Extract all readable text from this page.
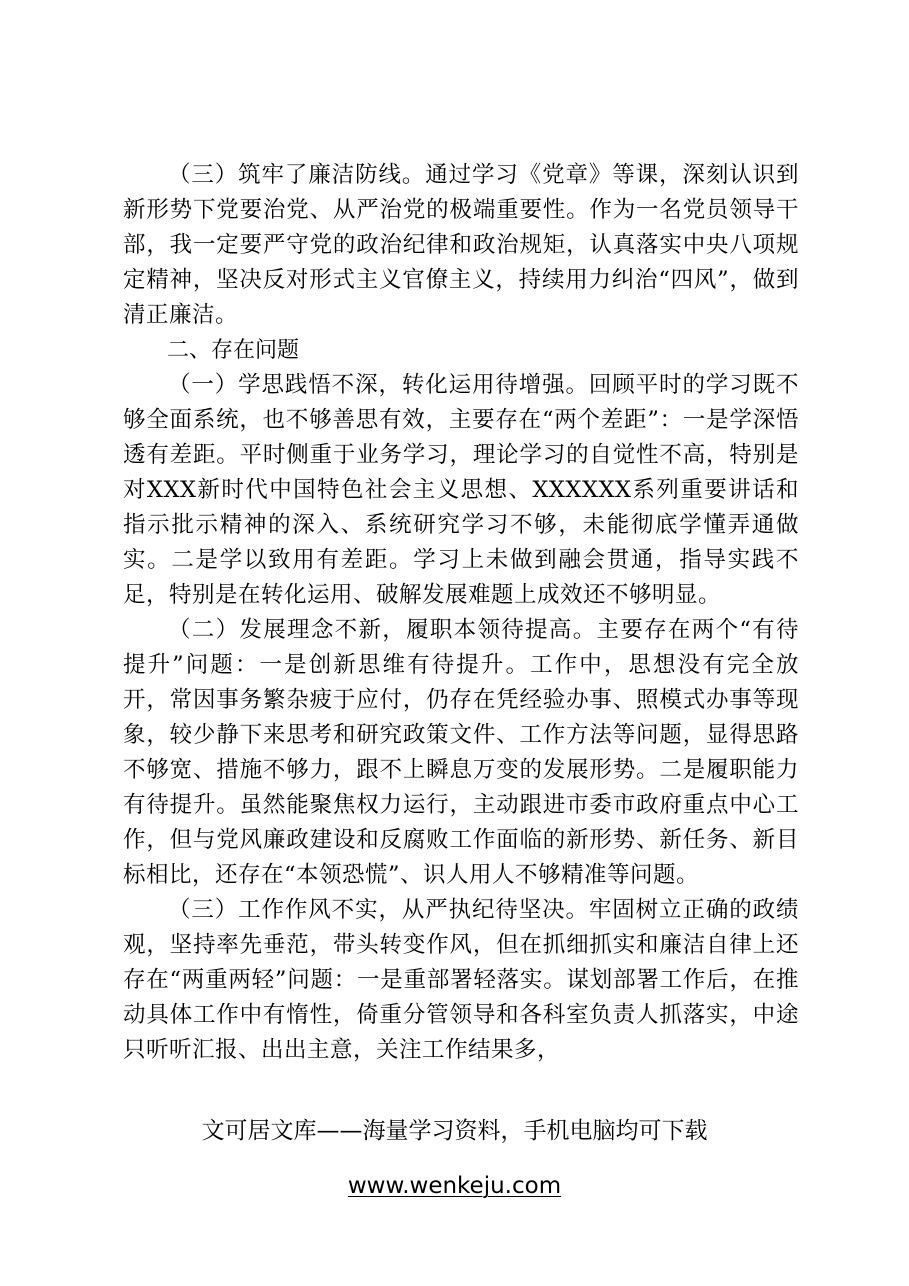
（三）筑牢了廉洁防线。通过学习《党章》等课，深刻认识到新形势下党要治党、从严治党的极端重要性。作为一名党员领导干部，我一定要严守党的政治纪律和政治规矩，认真落实中央八项规定精神，坚决反对形式主义官僚主义，持续用力纠治“四风”，做到清正廉洁。

二、存在问题

（一）学思践悟不深，转化运用待增强。回顾平时的学习既不够全面系统，也不够善思有效，主要存在“两个差距”：一是学深悟透有差距。平时侧重于业务学习，理论学习的自觉性不高，特别是对XXX新时代中国特色社会主义思想、XXXXXX系列重要讲话和指示批示精神的深入、系统研究学习不够，未能彻底学懂弄通做实。二是学以致用有差距。学习上未做到融会贯通，指导实践不足，特别是在转化运用、破解发展难题上成效还不够明显。

（二）发展理念不新，履职本领待提高。主要存在两个“有待提升”问题：一是创新思维有待提升。工作中，思想没有完全放开，常因事务繁杂疲于应付，仍存在凭经验办事、照模式办事等现象，较少静下来思考和研究政策文件、工作方法等问题，显得思路不够宽、措施不够力，跟不上瞬息万变的发展形势。二是履职能力有待提升。虽然能聚焦权力运行，主动跟进市委市政府重点中心工作，但与党风廉政建设和反腐败工作面临的新形势、新任务、新目标相比，还存在“本领恐慌”、识人用人不够精准等问题。

（三）工作作风不实，从严执纪待坚决。牢固树立正确的政绩观，坚持率先垂范，带头转变作风，但在抓细抓实和廉洁自律上还存在“两重两轻”问题：一是重部署轻落实。谋划部署工作后，在推动具体工作中有惰性，倚重分管领导和各科室负责人抓落实，中途只听听汇报、出出主意，关注工作结果多，

文可居文库——海量学习资料，手机电脑均可下载
www.wenkeju.com
